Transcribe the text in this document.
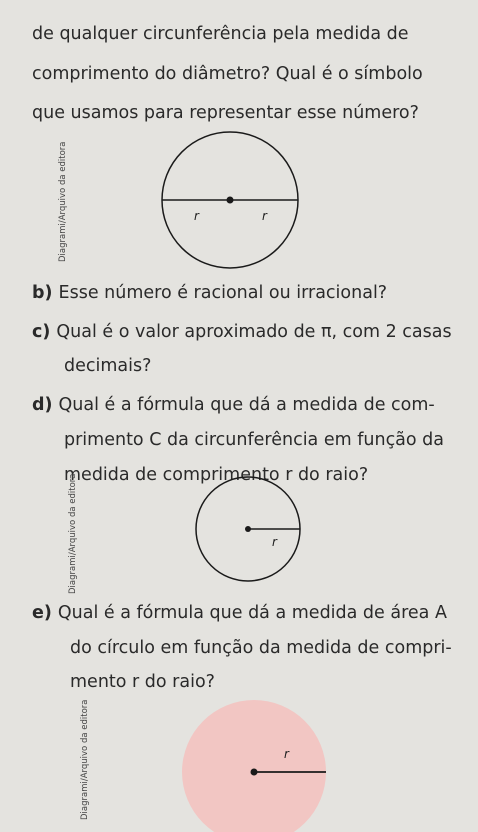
de qualquer circunferência pela medida de
comprimento do diâmetro? Qual é o símbolo
que usamos para representar esse número?
Diagrami/Arquivo da editora	r	r
b) Esse número é racional ou irracional?
c) Qual é o valor aproximado de π, com 2 casas
decimais?
d) Qual é a fórmula que dá a medida de com-
primento C da circunferência em função da
medida de comprimento r do raio?
Diagrami/Arquivo da editora	r
e) Qual é a fórmula que dá a medida de área A
do círculo em função da medida de compri-
mento r do raio?
Diagrami/Arquivo da editora	r
